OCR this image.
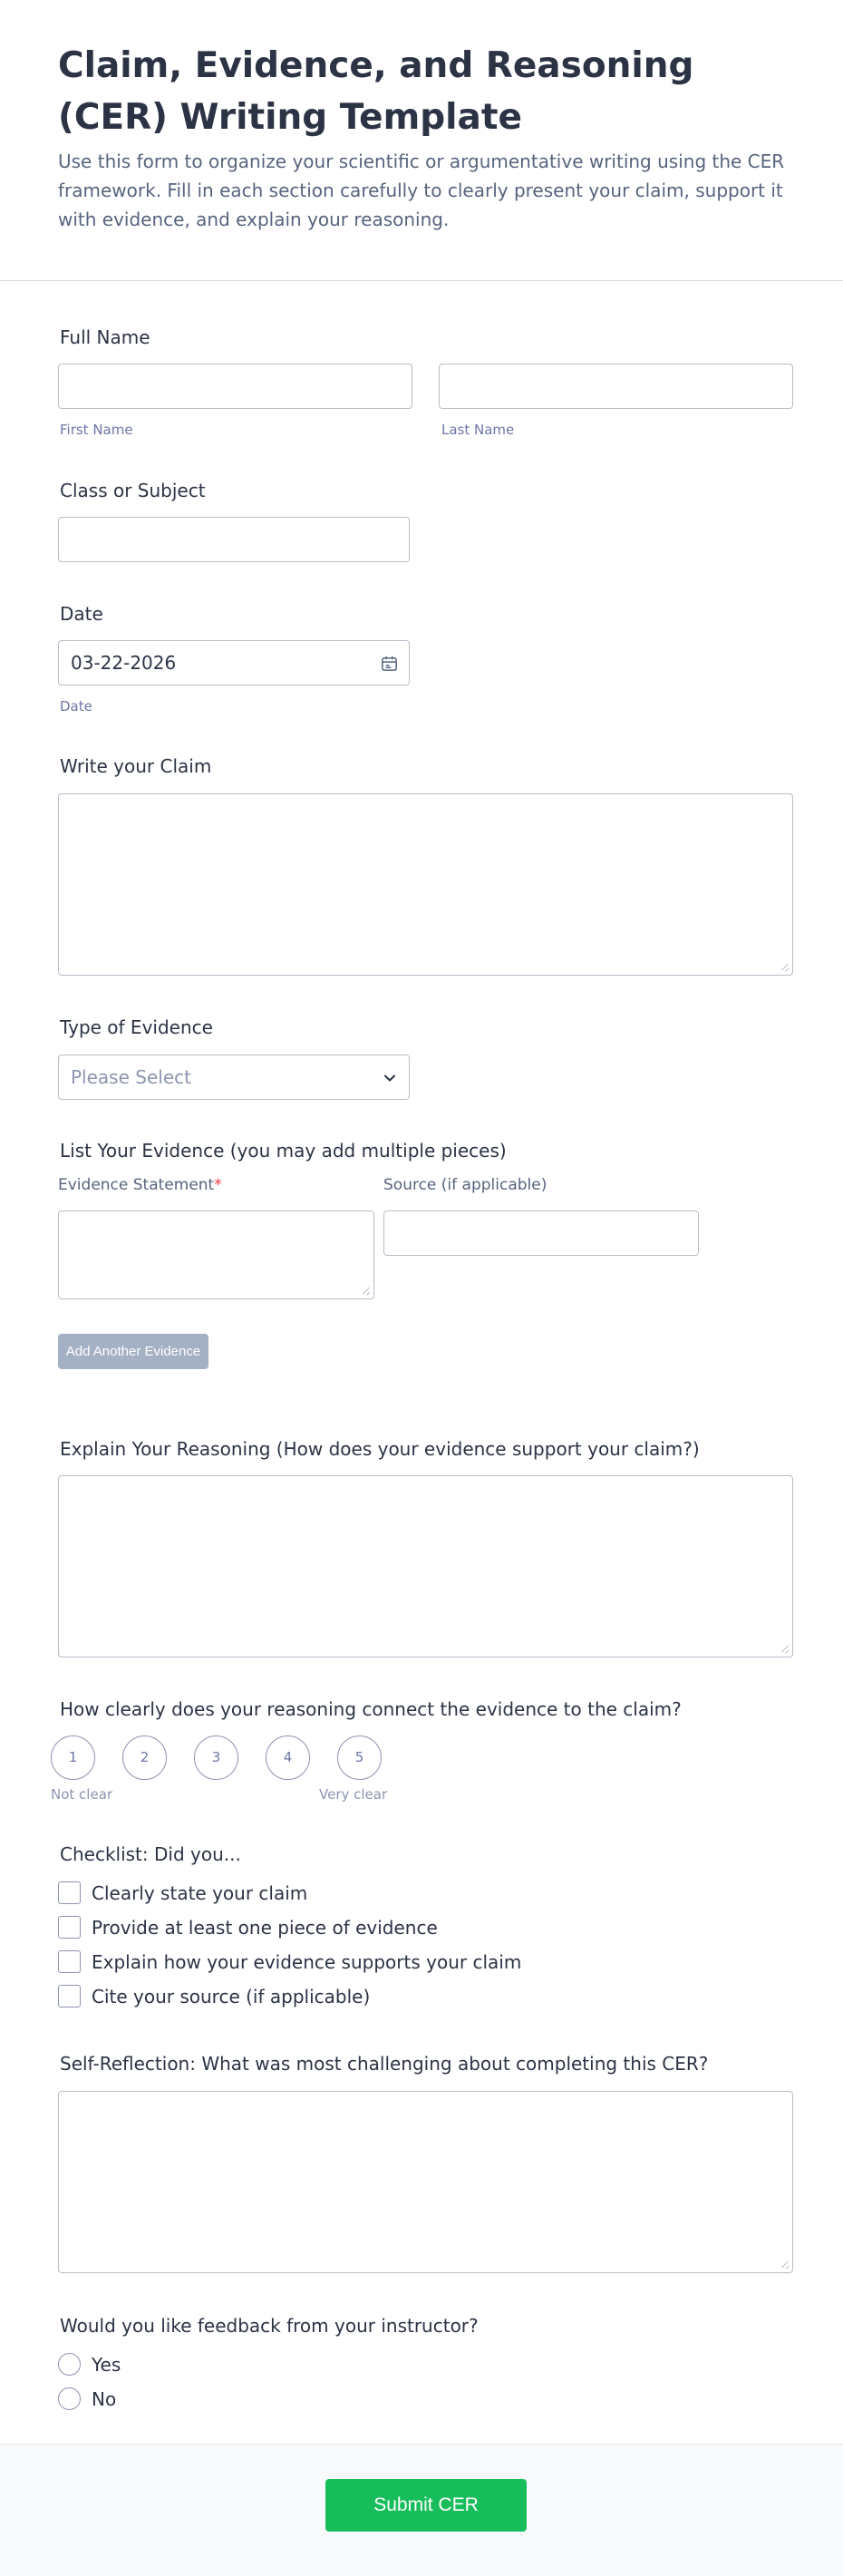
Claim, Evidence, and Reasoning (CER) Writing Template
Use this form to organize your scientific or argumentative writing using the CER framework. Fill in each section carefully to clearly present your claim, support it with evidence, and explain your reasoning.
Full Name
First Name	Last Name
Class or Subject
Date
03-22-2026
Date
Write your Claim
Type of Evidence
Please Select
List Your Evidence (you may add multiple pieces)
Evidence Statement*	Source (if applicable)
Add Another Evidence
Explain Your Reasoning (How does your evidence support your claim?)
How clearly does your reasoning connect the evidence to the claim?
1	2	3	4	5
Not clear	Very clear
Checklist: Did you...
Clearly state your claim
Provide at least one piece of evidence
Explain how your evidence supports your claim
Cite your source (if applicable)
Self-Reflection: What was most challenging about completing this CER?
Would you like feedback from your instructor?
Yes
No
Submit CER
